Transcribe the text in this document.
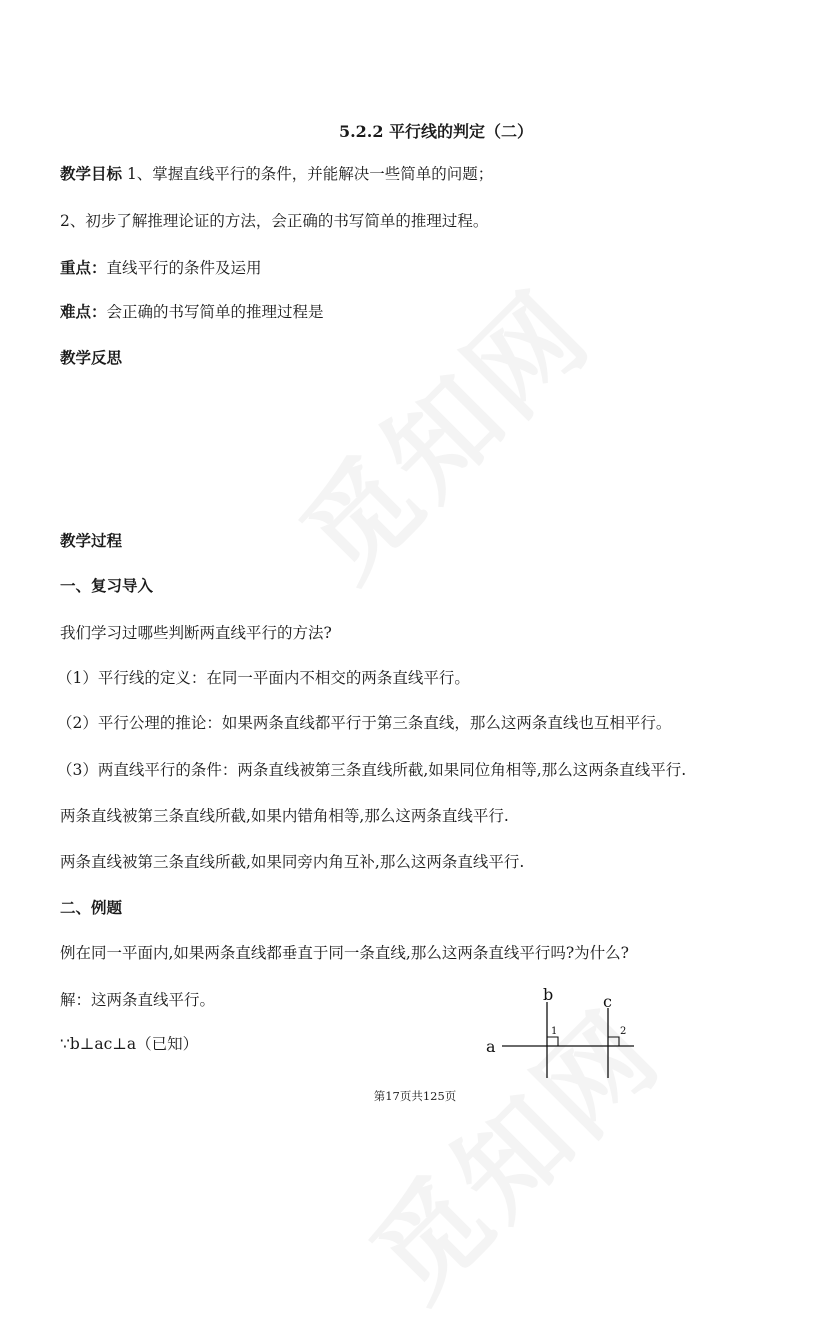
5.2.2 平行线的判定（二）

教学目标 1、掌握直线平行的条件，并能解决一些简单的问题；

2、初步了解推理论证的方法，会正确的书写简单的推理过程。

重点：直线平行的条件及运用

难点：会正确的书写简单的推理过程是

教学反思

教学过程

一、复习导入

我们学习过哪些判断两直线平行的方法?

（1）平行线的定义：在同一平面内不相交的两条直线平行。

（2）平行公理的推论：如果两条直线都平行于第三条直线，那么这两条直线也互相平行。

（3）两直线平行的条件：两条直线被第三条直线所截,如果同位角相等,那么这两条直线平行.

两条直线被第三条直线所截,如果内错角相等,那么这两条直线平行.

两条直线被第三条直线所截,如果同旁内角互补,那么这两条直线平行.

二、例题

例在同一平面内,如果两条直线都垂直于同一条直线,那么这两条直线平行吗?为什么?

解：这两条直线平行。

∵b⊥ac⊥a（已知）	a
b	c
1	2
第17页共125页
